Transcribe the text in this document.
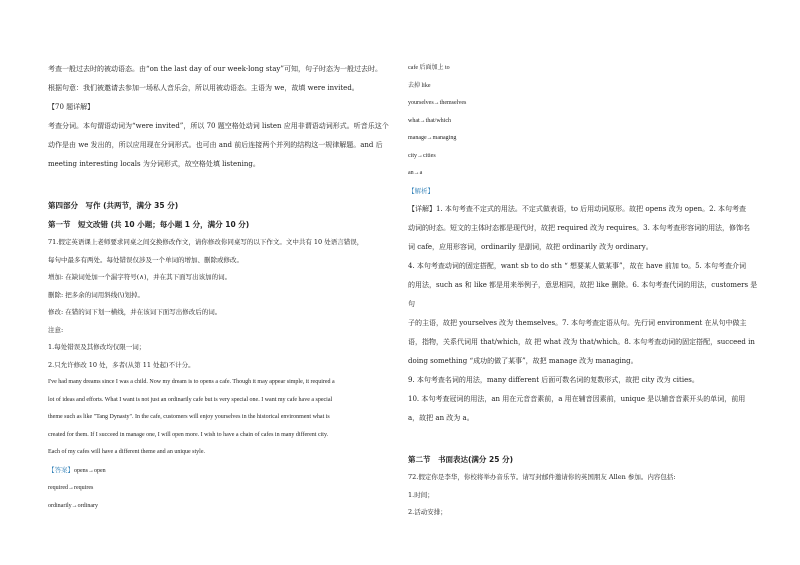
考查一般过去时的被动语态。由“on the last day of our week-long stay”可知，句子时态为一般过去时。

根据句意：我们被邀请去参加一场私人音乐会，所以用被动语态。主语为 we，故填 were invited。

【70 题详解】

考查分词。本句谓语动词为“were invited”，所以 70 题空格处动词 listen 应用非谓语动词形式。听音乐这个

动作是由 we 发出的，所以应用现在分词形式。也可由 and 前后连接两个并列的结构这一规律解题。and 后

meeting interesting locals 为分词形式，故空格处填 listening。

第四部分　写作 (共两节，满分 35 分)

第一节　短文改错 (共 10 小题；每小题 1 分，满分 10 分)

71.假定英语课上老师要求同桌之间交换修改作文，请你修改你同桌写的以下作文。文中共有 10 处语言错误，

每句中最多有两处。每处错误仅涉及一个单词的增加、删除或修改。

增加: 在缺词处加一个漏字符号(∧)，并在其下面写出该加的词。

删除: 把多余的词用斜线(\)划掉。

修改: 在错的词下划一横线，并在该词下面写出修改后的词。

注意:

1.每处错误及其修改均仅限一词；

2.只允许修改 10 处，多者(从第 11 处起)不计分。

I've had many dreams since I was a child. Now my dream is to opens a cafe. Though it may appear simple, it required a

lot of ideas and efforts. What I want is not just an ordinarily cafe but is very special one. I want my cafe have a special

theme such as like "Tang Dynasty". In the cafe, customers will enjoy yourselves in the historical environment what is

created for them. If I succeed in manage one, I will open more. I wish to have a chain of cafes in many different city.

Each of my cafes will have a different theme and an unique style.

【答案】opens→open

required→requires

ordinarily→ordinary

cafe 后面加上 to

去掉 like

yourselves→themselves

what→that/which

manage→managing

city→cities

an→a

【解析】

【详解】1. 本句考查不定式的用法。不定式做表语，to 后用动词原形。故把 opens 改为 open。2. 本句考查

动词的时态。短文的主体时态都是现代时，故把 required 改为 requires。3. 本句考查形容词的用法，修饰名

词 cafe，应用形容词，ordinarily 是副词，故把 ordinarily 改为 ordinary。

4. 本句考查动词的固定搭配，want sb to do sth “ 想要某人做某事”，故在 have 前加 to。5. 本句考查介词

的用法，such as 和 like 都是用来举例子，意思相同，故把 like 删除。6. 本句考查代词的用法，customers 是句

子的主语，故把 yourselves 改为 themselves。7. 本句考查定语从句。先行词 environment 在从句中做主

语，指物，关系代词用 that/which，故 把 what 改为 that/which。8. 本句考查动词的固定搭配，succeed in

doing something “成功的做了某事”，故把 manage 改为 managing。

9. 本句考查名词的用法，many different 后面可数名词的复数形式，故把 city 改为 cities。

10. 本句考查冠词的用法，an 用在元音音素前，a 用在辅音因素前，unique 是以辅音音素开头的单词，前用

a，故把 an 改为 a。

第二节　书面表达(满分 25 分)

72.假定你是李华，你校将举办音乐节。请写封邮件邀请你的英国朋友 Allen 参加。内容包括:

1.时间；

2.活动安排；
